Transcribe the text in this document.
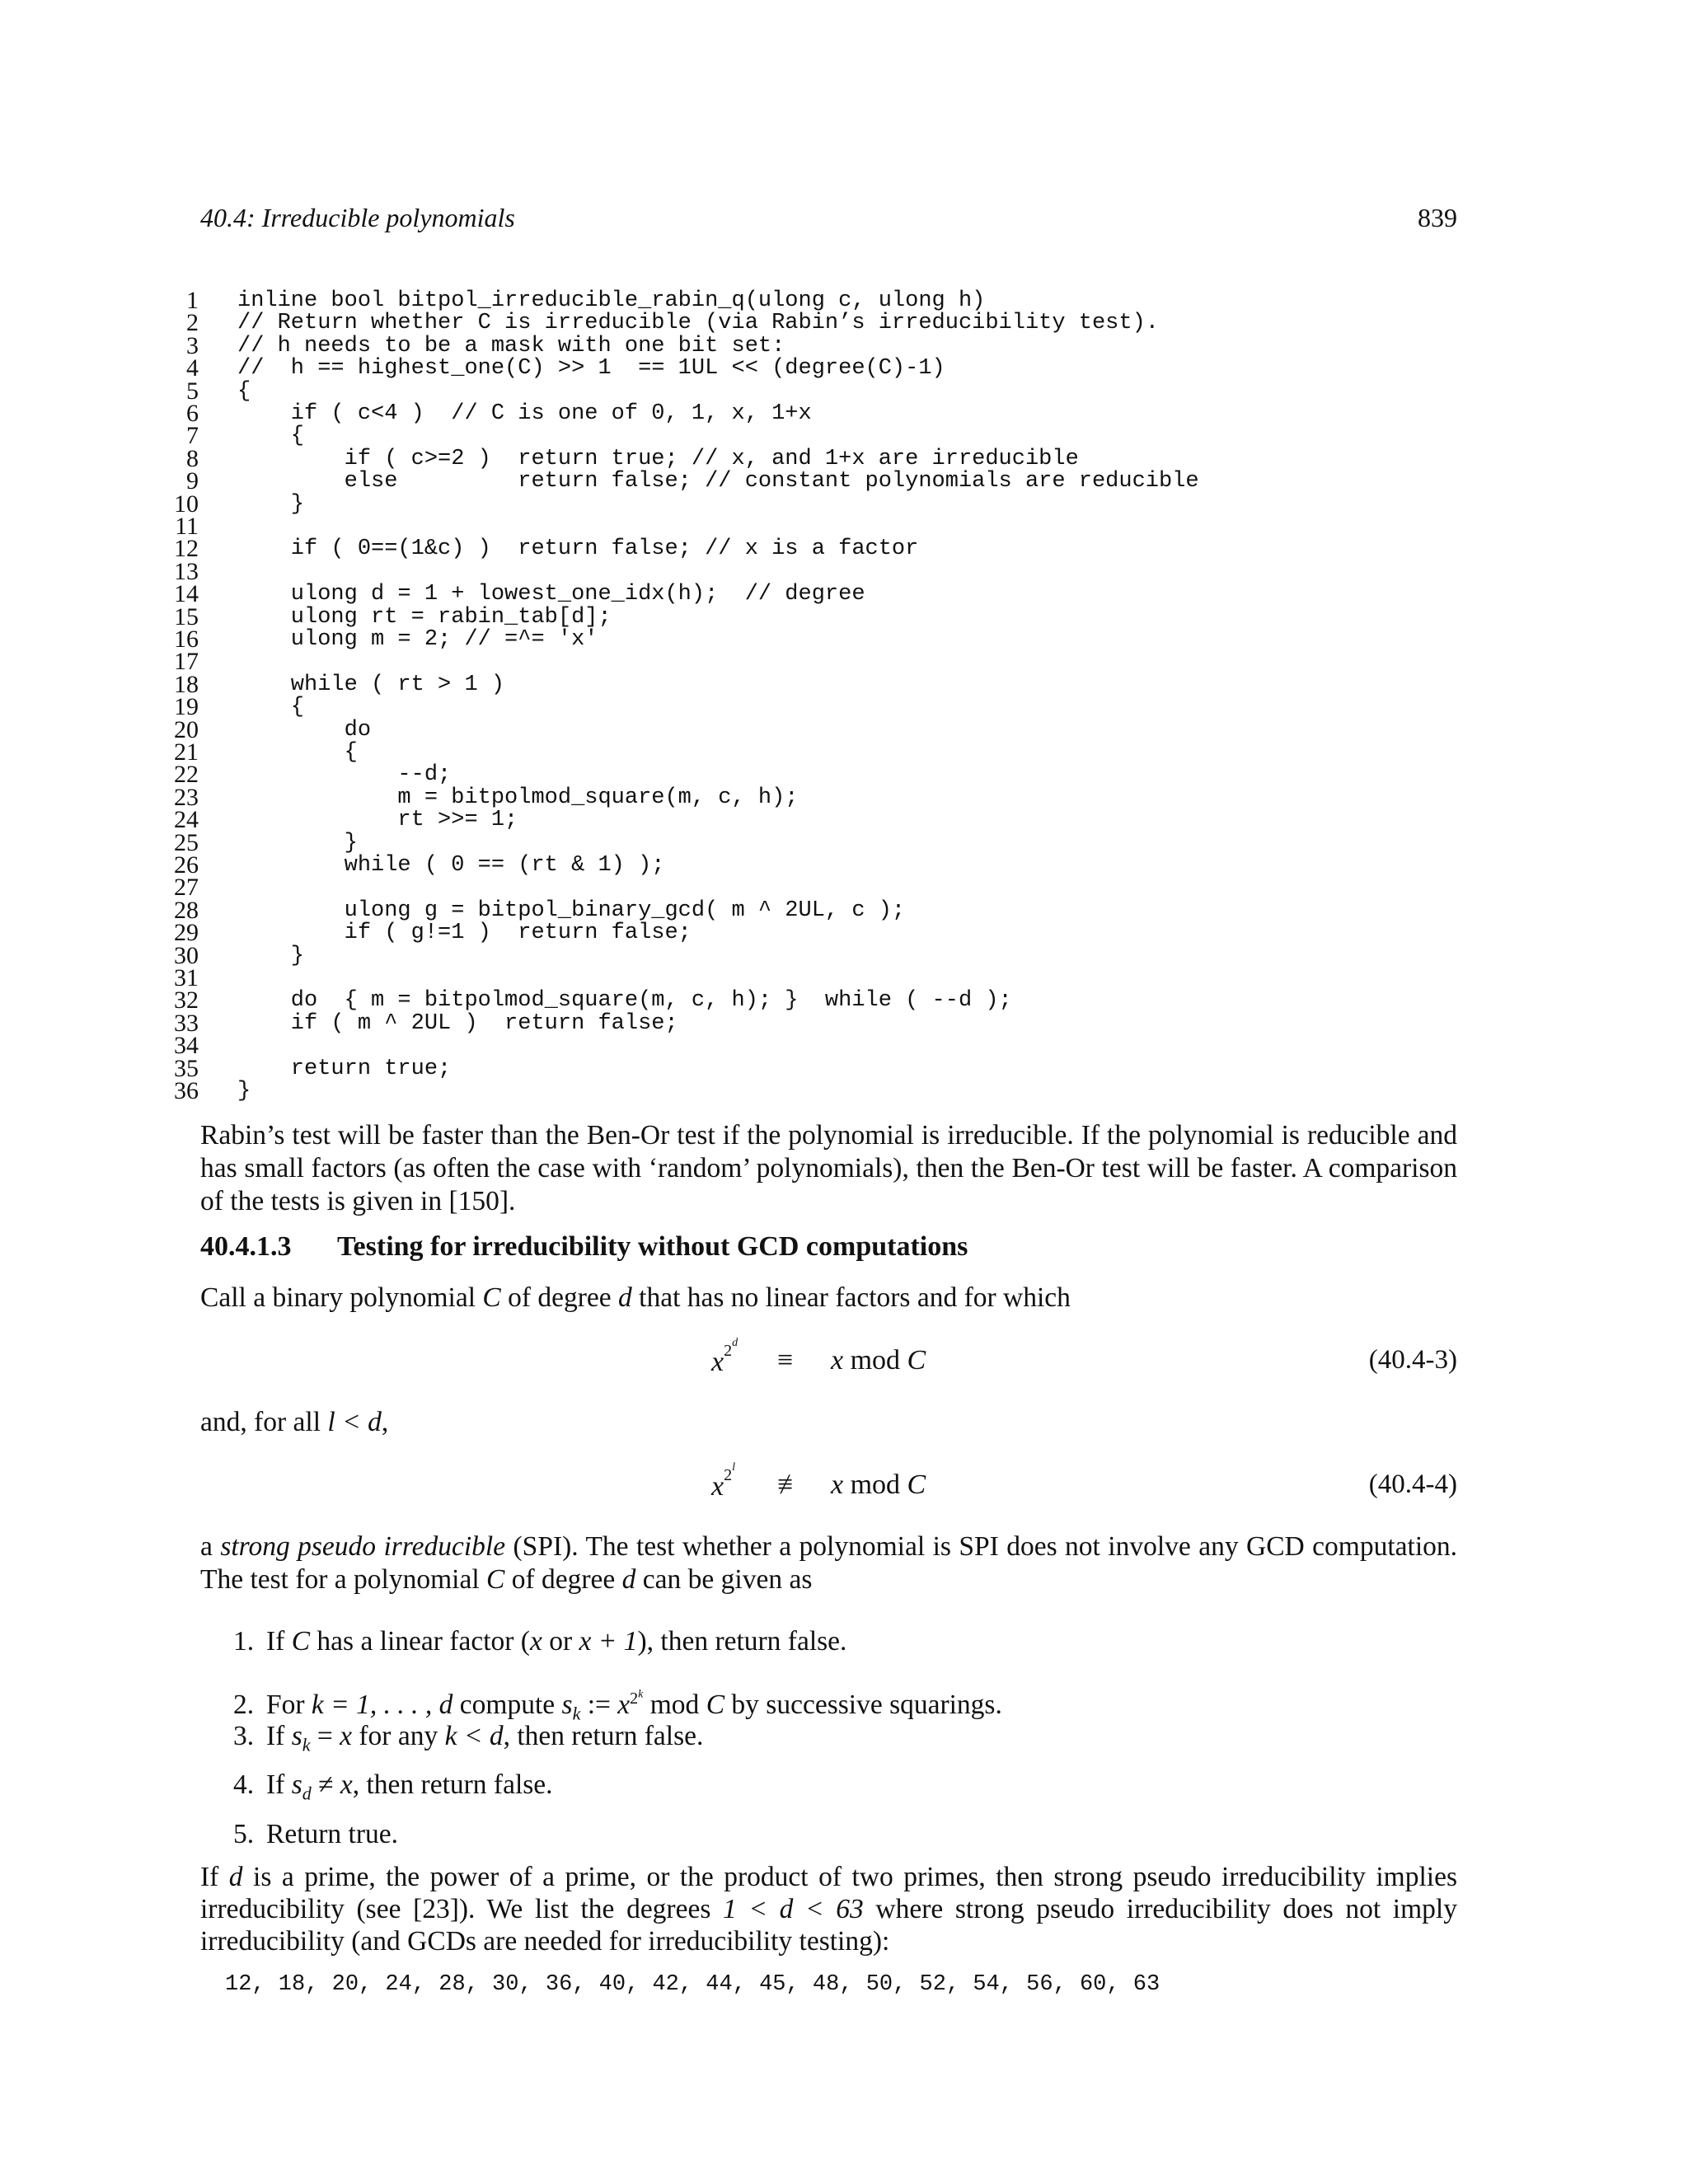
40.4: Irreducible polynomials	839
1 inline bool bitpol_irreducible_rabin_q(ulong c, ulong h)
2 // Return whether C is irreducible (via Rabin’s irreducibility test).
3 // h needs to be a mask with one bit set:
4 //  h == highest_one(C) >> 1  == 1UL << (degree(C)-1)
5 {
6 if ( c<4 )  // C is one of 0, 1, x, 1+x
7 {
8 if ( c>=2 )  return true; // x, and 1+x are irreducible
9 else         return false; // constant polynomials are reducible
10 }
11
12 if ( 0==(1&c) )  return false; // x is a factor
13
14 ulong d = 1 + lowest_one_idx(h);  // degree
15 ulong rt = rabin_tab[d];
16 ulong m = 2; // =^= 'x'
17
18 while ( rt > 1 )
19 {
20 do
21 {
22 --d;
23 m = bitpolmod_square(m, c, h);
24 rt >>= 1;
25 }
26 while ( 0 == (rt & 1) );
27
28 ulong g = bitpol_binary_gcd( m ^ 2UL, c );
29 if ( g!=1 )  return false;
30 }
31
32 do  { m = bitpolmod_square(m, c, h); }  while ( --d );
33 if ( m ^ 2UL )  return false;
34
35 return true;
36 }
Rabin’s test will be faster than the Ben-Or test if the polynomial is irreducible. If the polynomial is reducible and has small factors (as often the case with ‘random’ polynomials), then the Ben-Or test will be faster. A comparison of the tests is given in [150].
40.4.1.3 Testing for irreducibility without GCD computations
Call a binary polynomial C of degree d that has no linear factors and for which
$x^{2^d}$
≡ x mod C	(40.4-3)
and, for all l < d,
$x^{2^l}$
≢ x mod C	(40.4-4)
a strong pseudo irreducible (SPI). The test whether a polynomial is SPI does not involve any GCD computation. The test for a polynomial C of degree d can be given as
1. If C has a linear factor (x or x + 1), then return false.
2. For k = 1, . . . , d compute $s_k$ := $x^{2^k}$ mod C by successive squarings.
3. If $s_k = x$ for any k < d, then return false.
4. If $s_d \ne x$, then return false.
5. Return true.
If d is a prime, the power of a prime, or the product of two primes, then strong pseudo irreducibility implies irreducibility (see [23]). We list the degrees 1 < d < 63 where strong pseudo irreducibility does not imply irreducibility (and GCDs are needed for irreducibility testing):
12, 18, 20, 24, 28, 30, 36, 40, 42, 44, 45, 48, 50, 52, 54, 56, 60, 63
